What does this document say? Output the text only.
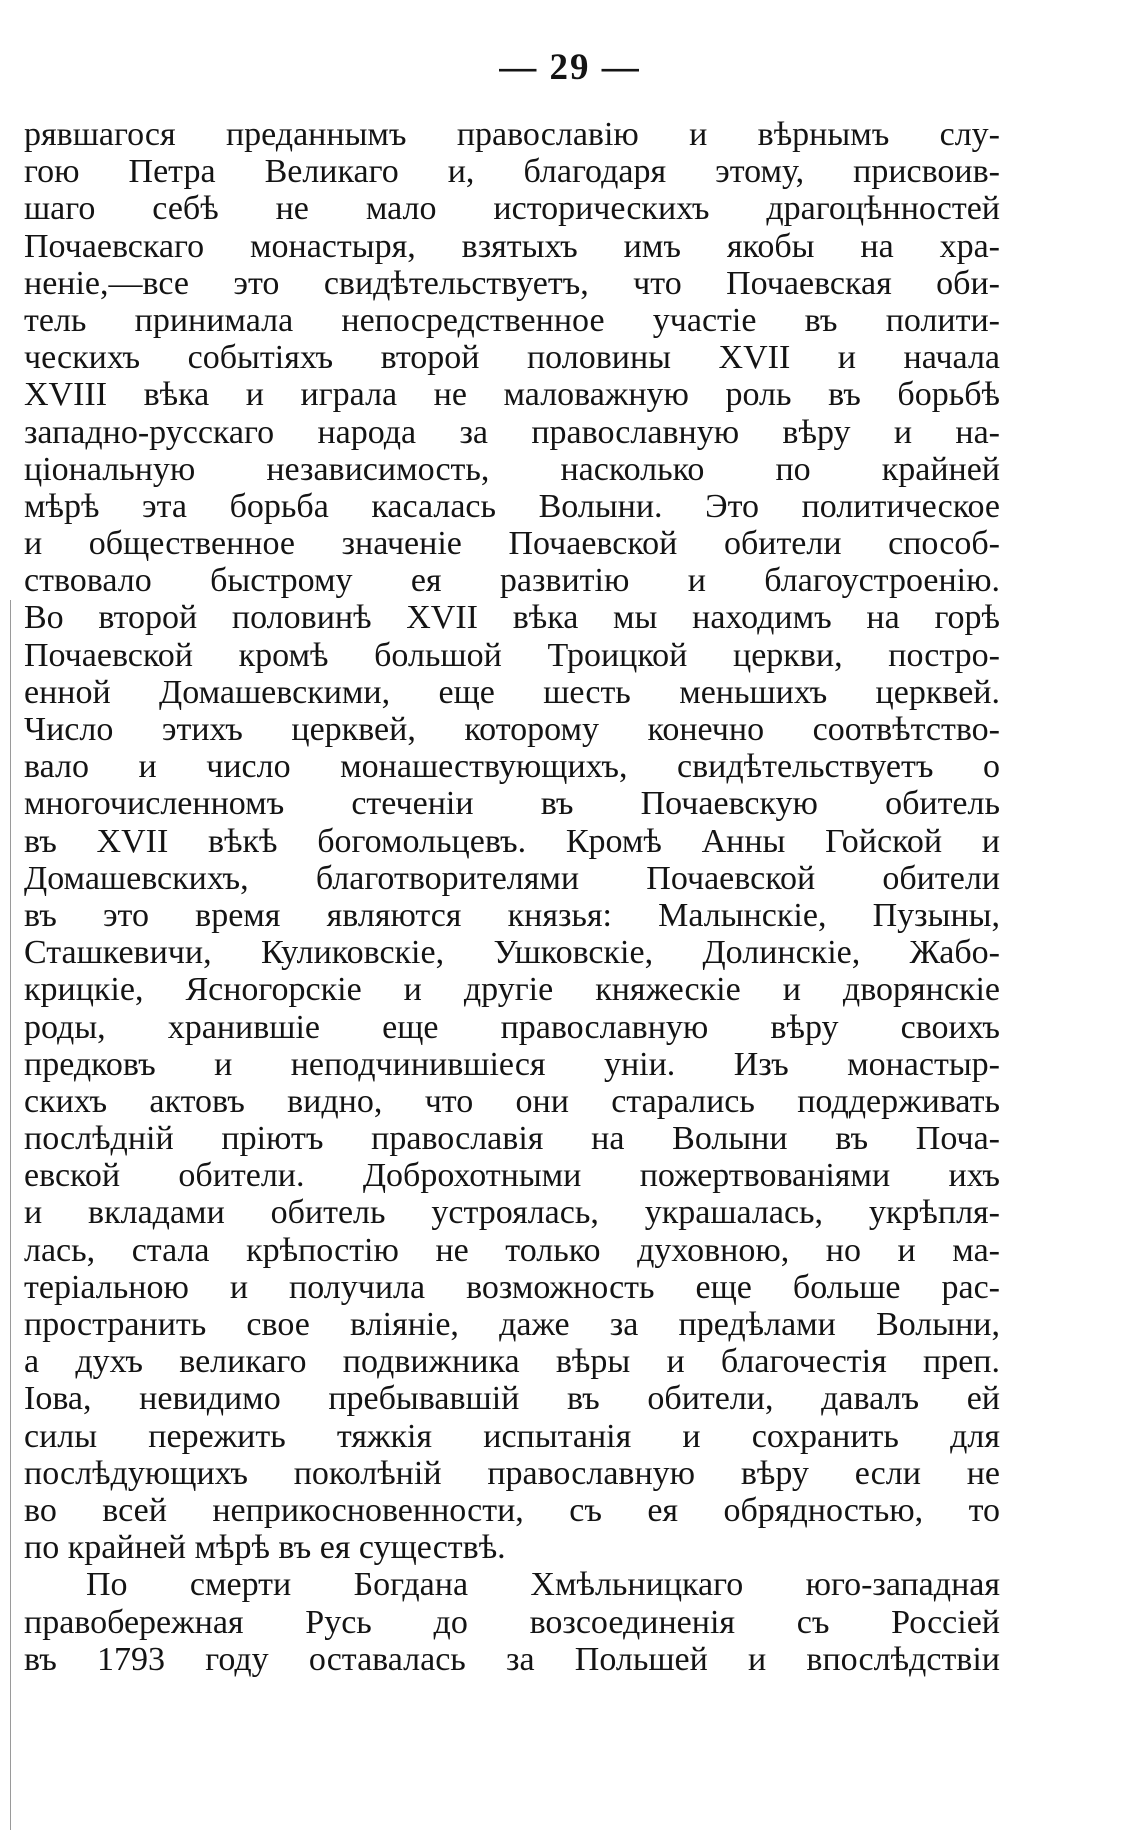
— 29 —
рявшагося преданнымъ православію и вѣрнымъ слу-
гою Петра Великаго и, благодаря этому, присвоив-
шаго себѣ не мало историческихъ драгоцѣнностей
Почаевскаго монастыря, взятыхъ имъ якобы на хра-
неніе,—все это свидѣтельствуетъ, что Почаевская оби-
тель принимала непосредственное участіе въ полити-
ческихъ событіяхъ второй половины XVII и начала
XVIII вѣка и играла не маловажную роль въ борьбѣ
западно-русскаго народа за православную вѣру и на-
ціональную независимость, насколько по крайней
мѣрѣ эта борьба касалась Волыни. Это политическое
и общественное значеніе Почаевской обители способ-
ствовало быстрому ея развитію и благоустроенію.
Во второй половинѣ XVII вѣка мы находимъ на горѣ
Почаевской кромѣ большой Троицкой церкви, постро-
енной Домашевскими, еще шесть меньшихъ церквей.
Число этихъ церквей, которому конечно соотвѣтство-
вало и число монашествующихъ, свидѣтельствуетъ о
многочисленномъ стеченіи въ Почаевскую обитель
въ XVII вѣкѣ богомольцевъ. Кромѣ Анны Гойской и
Домашевскихъ, благотворителями Почаевской обители
въ это время являются князья: Малынскіе, Пузыны,
Сташкевичи, Куликовскіе, Ушковскіе, Долинскіе, Жабо-
крицкіе, Ясногорскіе и другіе княжескіе и дворянскіе
роды, хранившіе еще православную вѣру своихъ
предковъ и неподчинившіеся уніи. Изъ монастыр-
скихъ актовъ видно, что они старались поддерживать
послѣдній пріютъ православія на Волыни въ Поча-
евской обители. Доброхотными пожертвованіями ихъ
и вкладами обитель устроялась, украшалась, укрѣпля-
лась, стала крѣпостію не только духовною, но и ма-
теріальною и получила возможность еще больше рас-
пространить свое вліяніе, даже за предѣлами Волыни,
а духъ великаго подвижника вѣры и благочестія преп.
Іова, невидимо пребывавшій въ обители, давалъ ей
силы пережить тяжкія испытанія и сохранить для
послѣдующихъ поколѣній православную вѣру если не
во всей неприкосновенности, съ ея обрядностью, то
по крайней мѣрѣ въ ея существѣ.
По смерти Богдана Хмѣльницкаго юго-западная
правобережная Русь до возсоединенія съ Россіей
въ 1793 году оставалась за Польшей и впослѣдствіи
